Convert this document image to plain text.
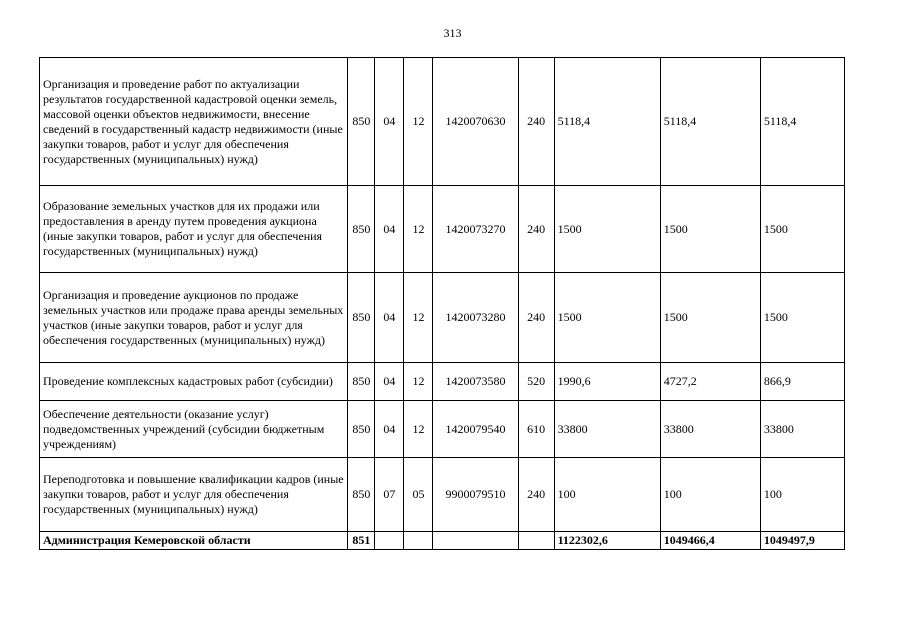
313
Организация и проведение работ по актуализации результатов государственной кадастровой оценки земель, массовой оценки объектов недвижимости, внесение сведений в государственный кадастр недвижимости (иные закупки товаров, работ и услуг для обеспечения государственных (муниципальных) нужд)	850	04	12	1420070630	240	5118,4	5118,4	5118,4
Образование земельных участков для их продажи или предоставления в аренду путем проведения аукциона (иные закупки товаров, работ и услуг для обеспечения государственных (муниципальных) нужд)	850	04	12	1420073270	240	1500	1500	1500
Организация и проведение аукционов по продаже земельных участков или продаже права аренды земельных участков (иные закупки товаров, работ и услуг для обеспечения государственных (муниципальных) нужд)	850	04	12	1420073280	240	1500	1500	1500
Проведение комплексных кадастровых работ (субсидии)	850	04	12	1420073580	520	1990,6	4727,2	866,9
Обеспечение деятельности (оказание услуг) подведомственных учреждений (субсидии бюджетным учреждениям)	850	04	12	1420079540	610	33800	33800	33800
Переподготовка и повышение квалификации кадров (иные закупки товаров, работ и услуг для обеспечения государственных (муниципальных) нужд)	850	07	05	9900079510	240	100	100	100
Администрация Кемеровской области	851					1122302,6	1049466,4	1049497,9
